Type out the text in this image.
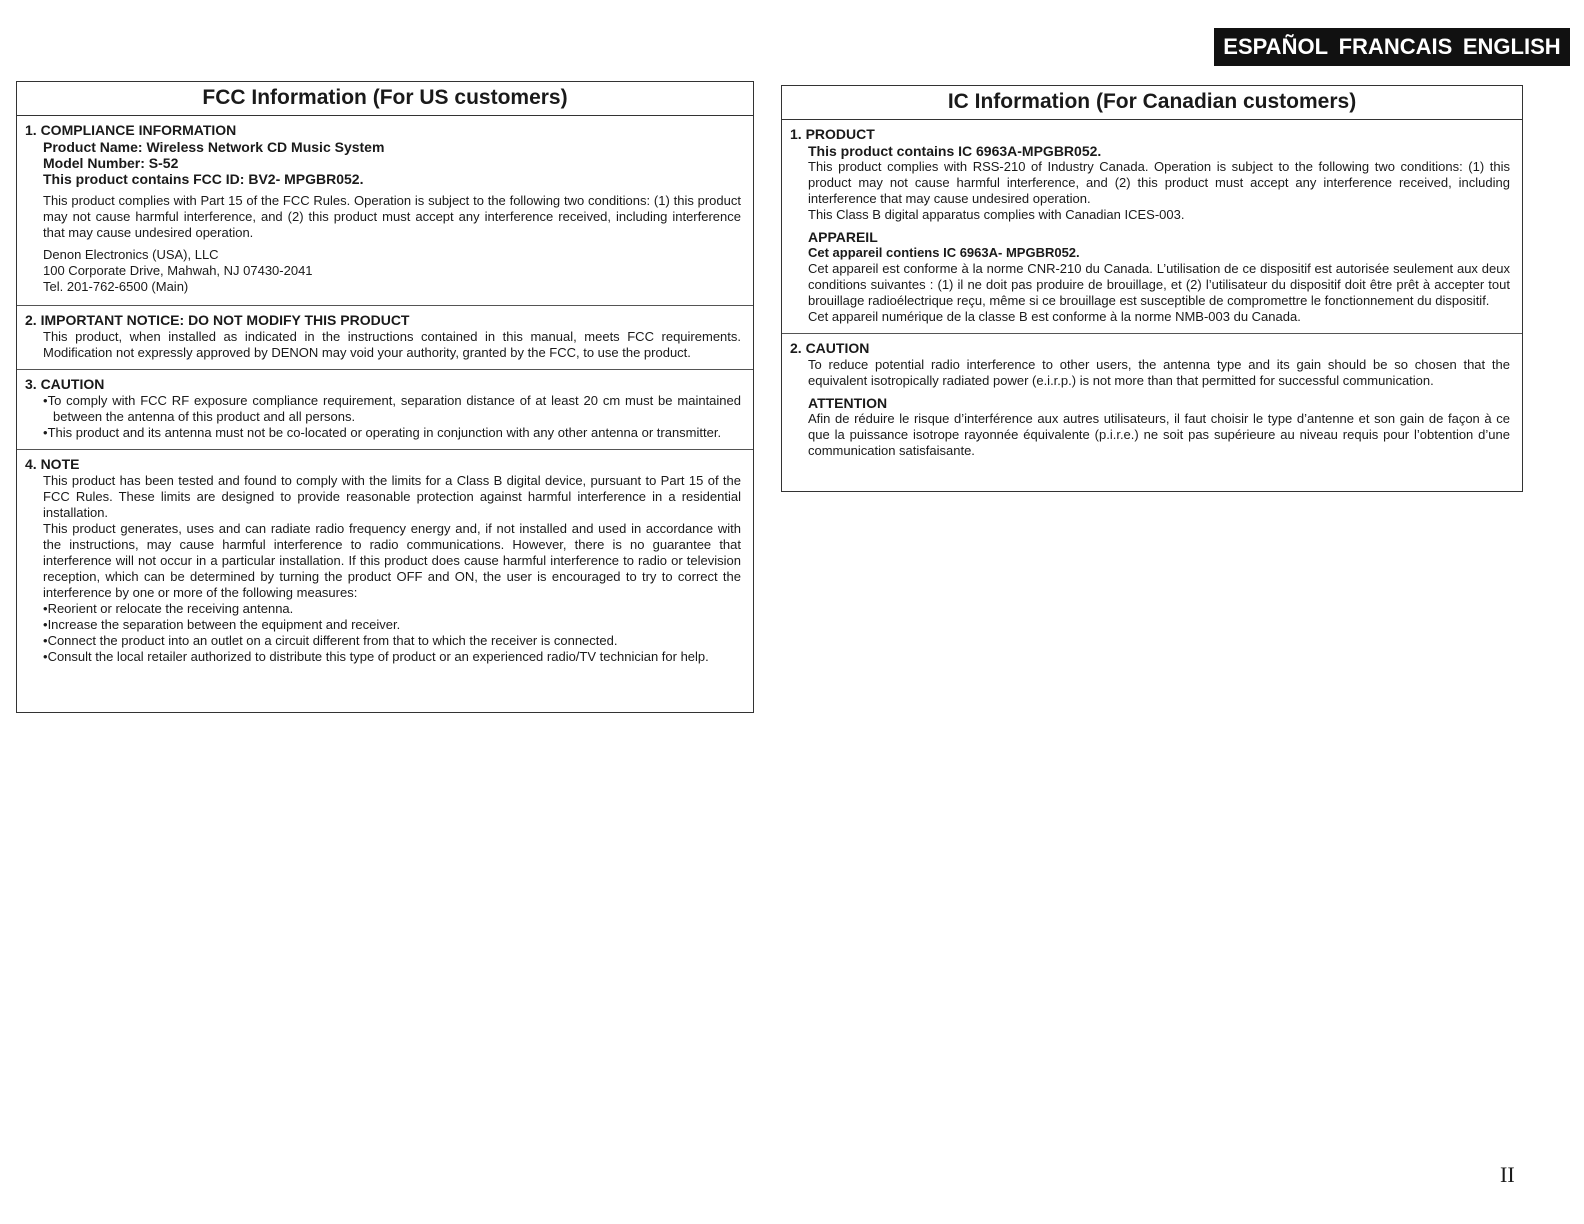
ESPAÑOL FRANCAIS ENGLISH
FCC Information (For US customers)
1. COMPLIANCE INFORMATION
Product Name: Wireless Network CD Music System
Model Number: S-52
This product contains FCC ID: BV2- MPGBR052.

This product complies with Part 15 of the FCC Rules. Operation is subject to the following two conditions: (1) this product may not cause harmful interference, and (2) this product must accept any interference received, including interference that may cause undesired operation.

Denon Electronics (USA), LLC

100 Corporate Drive, Mahwah, NJ 07430-2041

Tel. 201-762-6500 (Main)

2. IMPORTANT NOTICE: DO NOT MODIFY THIS PRODUCT

This product, when installed as indicated in the instructions contained in this manual, meets FCC requirements. Modification not expressly approved by DENON may void your authority, granted by the FCC, to use the product.

3. CAUTION
• To comply with FCC RF exposure compliance requirement, separation distance of at least 20 cm must be maintained between the antenna of this product and all persons.
• This product and its antenna must not be co-located or operating in conjunction with any other antenna or transmitter.
4. NOTE

This product has been tested and found to comply with the limits for a Class B digital device, pursuant to Part 15 of the FCC Rules. These limits are designed to provide reasonable protection against harmful interference in a residential installation.

This product generates, uses and can radiate radio frequency energy and, if not installed and used in accordance with the instructions, may cause harmful interference to radio communications. However, there is no guarantee that interference will not occur in a particular installation. If this product does cause harmful interference to radio or television reception, which can be determined by turning the product OFF and ON, the user is encouraged to try to correct the interference by one or more of the following measures:

• Reorient or relocate the receiving antenna.
• Increase the separation between the equipment and receiver.
• Connect the product into an outlet on a circuit different from that to which the receiver is connected.
• Consult the local retailer authorized to distribute this type of product or an experienced radio/TV technician for help.
IC Information (For Canadian customers)
1. PRODUCT
This product contains IC 6963A-MPGBR052.

This product complies with RSS-210 of Industry Canada. Operation is subject to the following two conditions: (1) this product may not cause harmful interference, and (2) this product must accept any interference received, including interference that may cause undesired operation.

This Class B digital apparatus complies with Canadian ICES-003.

APPAREIL
Cet appareil contiens IC 6963A- MPGBR052.

Cet appareil est conforme à la norme CNR-210 du Canada. L’utilisation de ce dispositif est autorisée seulement aux deux conditions suivantes : (1) il ne doit pas produire de brouillage, et (2) l’utilisateur du dispositif doit être prêt à accepter tout brouillage radioélectrique reçu, même si ce brouillage est susceptible de compromettre le fonctionnement du dispositif.

Cet appareil numérique de la classe B est conforme à la norme NMB-003 du Canada.

2. CAUTION

To reduce potential radio interference to other users, the antenna type and its gain should be so chosen that the equivalent isotropically radiated power (e.i.r.p.) is not more than that permitted for successful communication.

ATTENTION

Afin de réduire le risque d’interférence aux autres utilisateurs, il faut choisir le type d’antenne et son gain de façon à ce que la puissance isotrope rayonnée équivalente (p.i.r.e.) ne soit pas supérieure au niveau requis pour l’obtention d’une communication satisfaisante.

II
